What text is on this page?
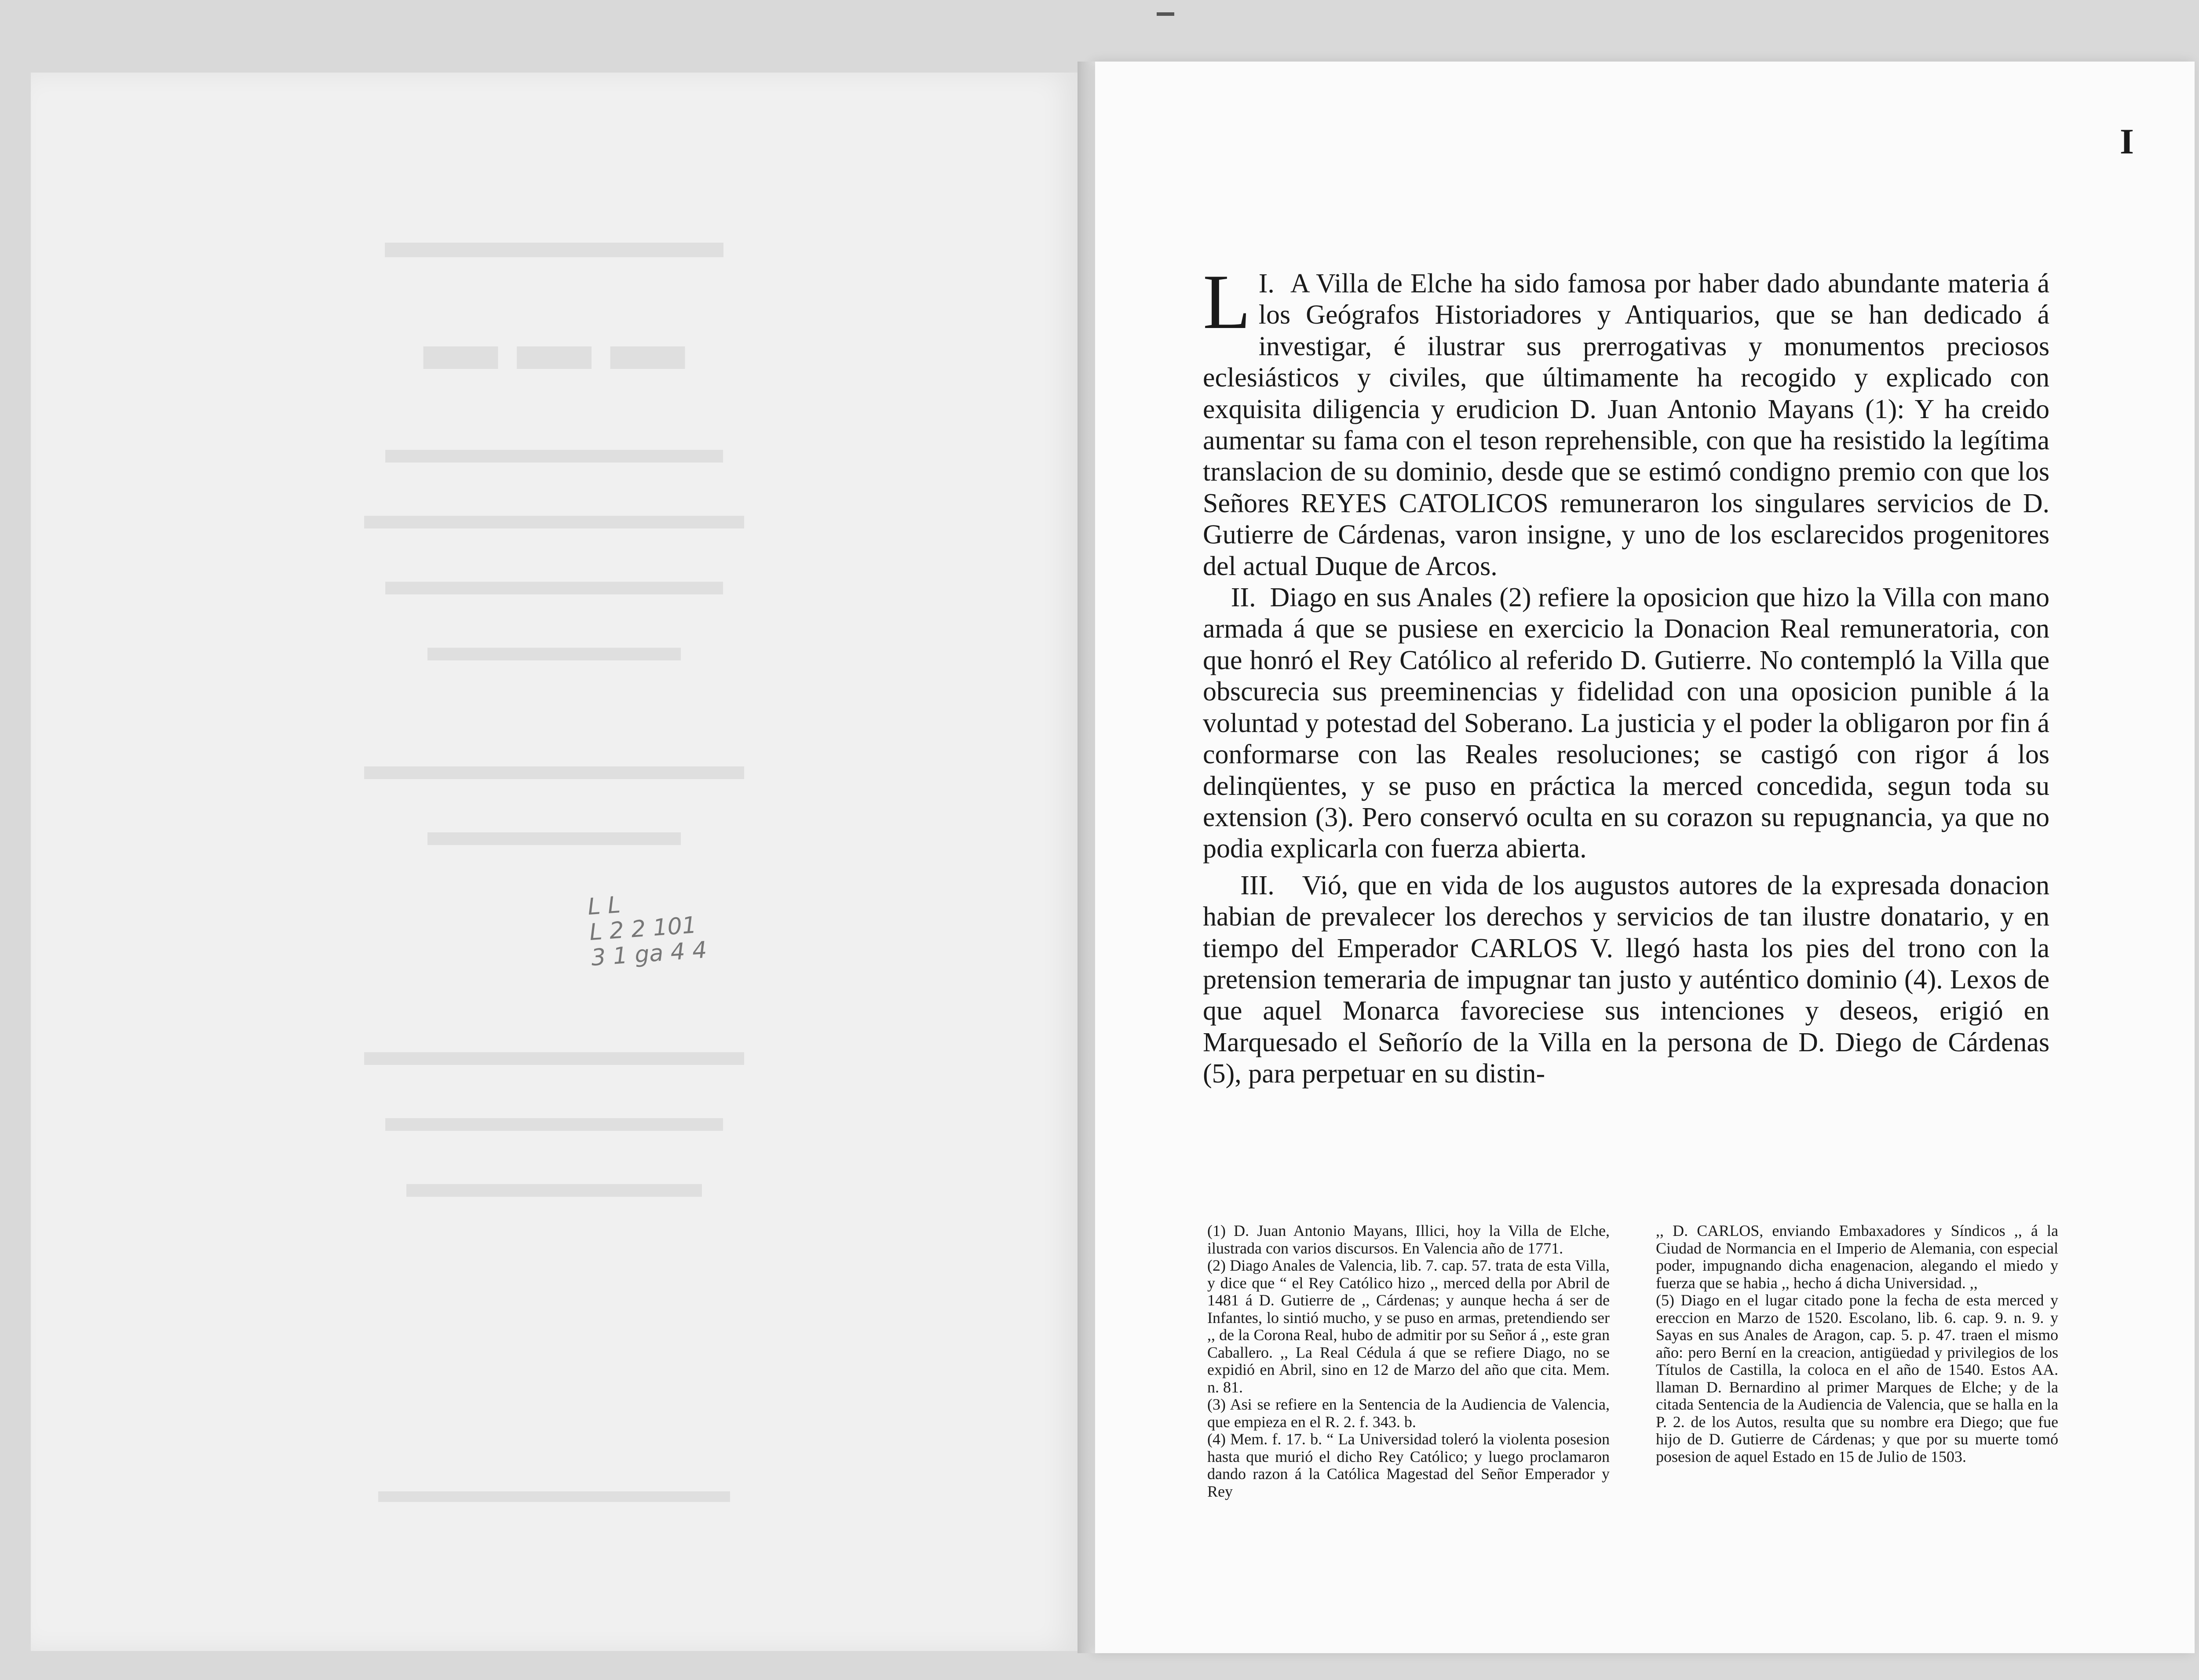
▬▬▬▬▬▬▬
▬ ▬ ▬
▬▬▬▬▬▬▬▬
▬▬▬▬▬▬▬▬▬
▬▬▬▬▬▬▬▬
▬▬▬▬▬▬
▬▬▬▬▬▬▬▬▬
▬▬▬▬▬▬
▬▬▬▬▬▬▬▬▬
▬▬▬▬▬▬▬▬
▬▬▬▬▬▬▬
▬▬▬▬▬▬▬▬▬▬
L L
L 2 2 101
3 1 ga 4 4
I

I.
L A Villa de Elche ha sido famosa por haber dado abundante materia á los Geógrafos Historiadores y Antiquarios, que se han dedicado á investigar, é ilustrar sus prerrogativas y monumentos preciosos eclesiásticos y civiles, que últimamente ha recogido y explicado con exquisita diligencia y erudicion D. Juan Antonio Mayans (1): Y ha creido aumentar su fama con el teson reprehensible, con que ha resistido la legítima translacion de su dominio, desde que se estimó condigno premio con que los Señores REYES CATOLICOS remuneraron los singulares servicios de D. Gutierre de Cárdenas, varon insigne, y uno de los esclarecidos progenitores del actual Duque de Arcos.

II. Diago en sus Anales (2) refiere la oposicion que hizo la Villa con mano armada á que se pusiese en exercicio la Donacion Real remuneratoria, con que honró el Rey Católico al referido D. Gutierre. No contempló la Villa que obscurecia sus preeminencias y fidelidad con una oposicion punible á la voluntad y potestad del Soberano. La justicia y el poder la obligaron por fin á conformarse con las Reales resoluciones; se castigó con rigor á los delinqüentes, y se puso en práctica la merced concedida, segun toda su extension (3). Pero conservó oculta en su corazon su repugnancia, ya que no podia explicarla con fuerza abierta.

III. Vió, que en vida de los augustos autores de la expresada donacion habian de prevalecer los derechos y servicios de tan ilustre donatario, y en tiempo del Emperador CARLOS V. llegó hasta los pies del trono con la pretension temeraria de impugnar tan justo y auténtico dominio (4). Lexos de que aquel Monarca favoreciese sus intenciones y deseos, erigió en Marquesado el Señorío de la Villa en la persona de D. Diego de Cárdenas (5), para perpetuar en su distin-

(1) D. Juan Antonio Mayans, Illici, hoy la Villa de Elche, ilustrada con varios discursos. En Valencia año de 1771.

(2) Diago Anales de Valencia, lib. 7. cap. 57. trata de esta Villa, y dice que “ el Rey Católico hizo ,, merced della por Abril de 1481 á D. Gutierre de ,, Cárdenas; y aunque hecha á ser de Infantes, lo sintió mucho, y se puso en armas, pretendiendo ser ,, de la Corona Real, hubo de admitir por su Señor á ,, este gran Caballero. ,, La Real Cédula á que se refiere Diago, no se expidió en Abril, sino en 12 de Marzo del año que cita. Mem. n. 81.

(3) Asi se refiere en la Sentencia de la Audiencia de Valencia, que empieza en el R. 2. f. 343. b.

(4) Mem. f. 17. b. “ La Universidad toleró la violenta posesion hasta que murió el dicho Rey Católico; y luego proclamaron dando razon á la Católica Magestad del Señor Emperador y Rey

,, D. CARLOS, enviando Embaxadores y Síndicos ,, á la Ciudad de Normancia en el Imperio de Alemania, con especial poder, impugnando dicha enagenacion, alegando el miedo y fuerza que se habia ,, hecho á dicha Universidad. ,,

(5) Diago en el lugar citado pone la fecha de esta merced y ereccion en Marzo de 1520. Escolano, lib. 6. cap. 9. n. 9. y Sayas en sus Anales de Aragon, cap. 5. p. 47. traen el mismo año: pero Berní en la creacion, antigüedad y privilegios de los Títulos de Castilla, la coloca en el año de 1540. Estos AA. llaman D. Bernardino al primer Marques de Elche; y de la citada Sentencia de la Audiencia de Valencia, que se halla en la P. 2. de los Autos, resulta que su nombre era Diego; que fue hijo de D. Gutierre de Cárdenas; y que por su muerte tomó posesion de aquel Estado en 15 de Julio de 1503.
